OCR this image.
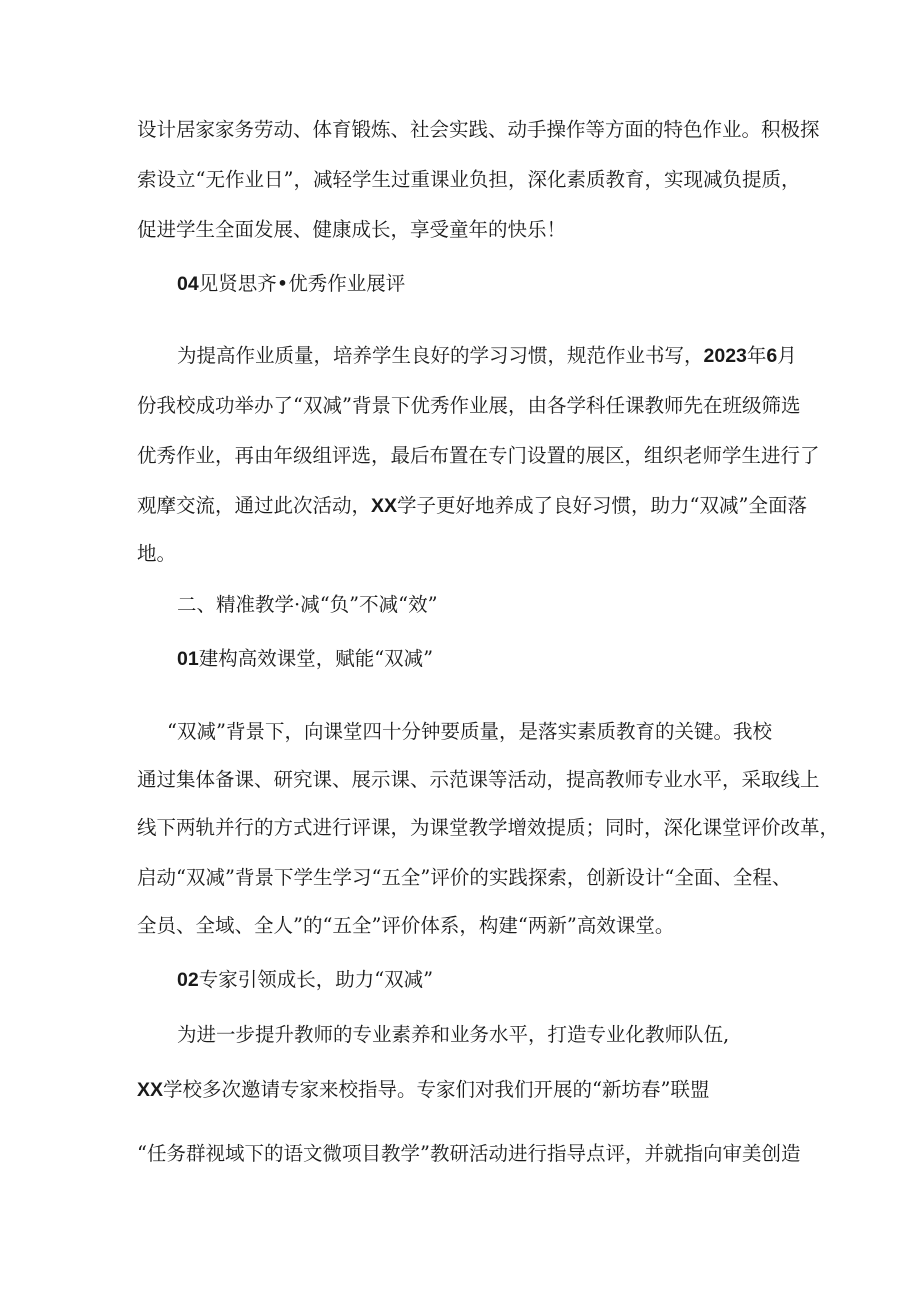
设计居家家务劳动、体育锻炼、社会实践、动手操作等方面的特色作业。积极探
索设立“无作业日”，减轻学生过重课业负担，深化素质教育，实现减负提质，
促进学生全面发展、健康成长，享受童年的快乐！
04见贤思齐•优秀作业展评
为提高作业质量，培养学生良好的学习习惯，规范作业书写，2023年6月
份我校成功举办了“双减”背景下优秀作业展，由各学科任课教师先在班级筛选
优秀作业，再由年级组评选，最后布置在专门设置的展区，组织老师学生进行了
观摩交流，通过此次活动，XX学子更好地养成了良好习惯，助力“双减”全面落
地。
二、精准教学·减“负”不减“效”
01建构高效课堂，赋能“双减”
“双减”背景下，向课堂四十分钟要质量，是落实素质教育的关键。我校
通过集体备课、研究课、展示课、示范课等活动，提高教师专业水平，采取线上
线下两轨并行的方式进行评课，为课堂教学增效提质；同时，深化课堂评价改革，
启动“双减”背景下学生学习“五全”评价的实践探索，创新设计“全面、全程、
全员、全域、全人”的“五全”评价体系，构建“两新”高效课堂。
02专家引领成长，助力“双减”
为进一步提升教师的专业素养和业务水平，打造专业化教师队伍,
XX学校多次邀请专家来校指导。专家们对我们开展的“新坊春”联盟
“任务群视域下的语文微项目教学”教研活动进行指导点评，并就指向审美创造
